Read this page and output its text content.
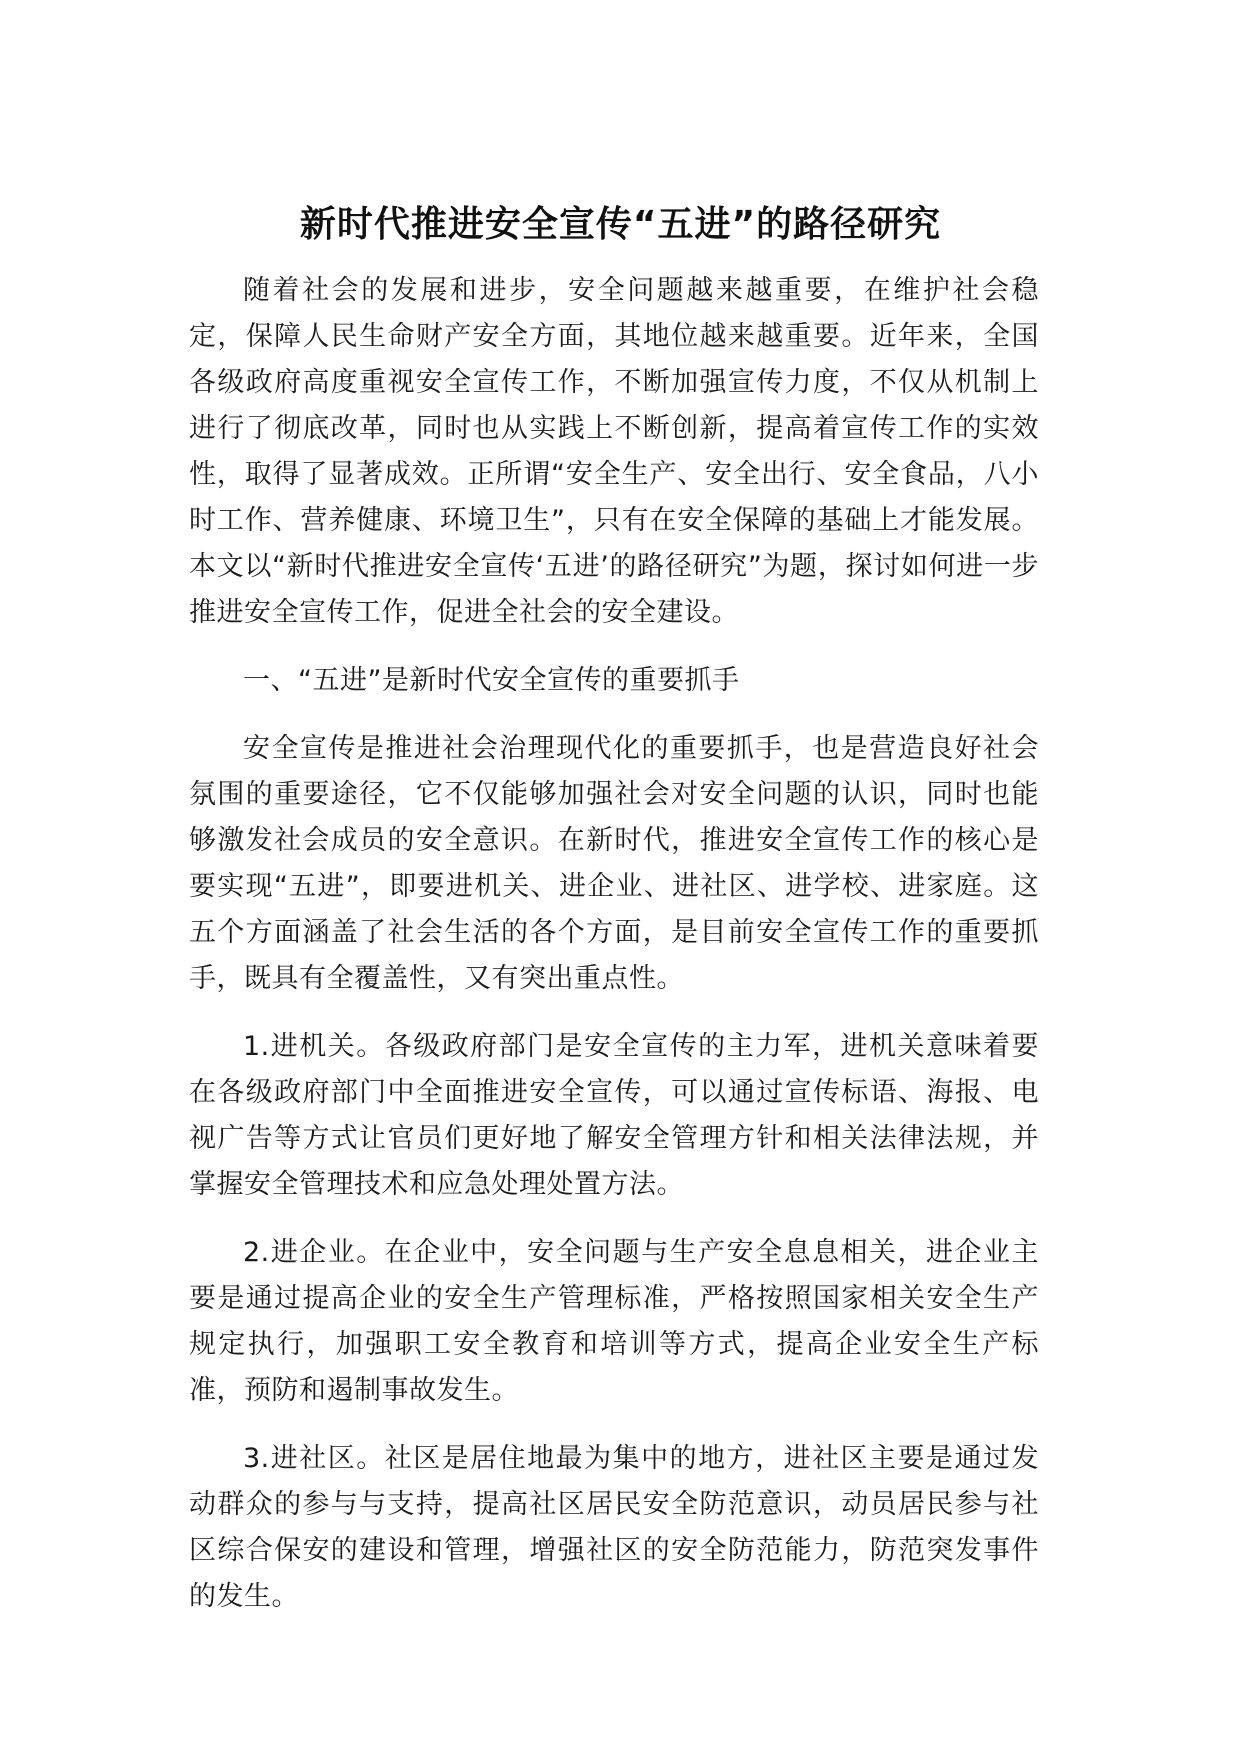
新时代推进安全宣传“五进”的路径研究

随着社会的发展和进步，安全问题越来越重要，在维护社会稳定，保障人民生命财产安全方面，其地位越来越重要。近年来，全国各级政府高度重视安全宣传工作，不断加强宣传力度，不仅从机制上进行了彻底改革，同时也从实践上不断创新，提高着宣传工作的实效性，取得了显著成效。正所谓“安全生产、安全出行、安全食品，八小时工作、营养健康、环境卫生”，只有在安全保障的基础上才能发展。本文以“新时代推进安全宣传‘五进’的路径研究”为题，探讨如何进一步推进安全宣传工作，促进全社会的安全建设。

一、“五进”是新时代安全宣传的重要抓手

安全宣传是推进社会治理现代化的重要抓手，也是营造良好社会氛围的重要途径，它不仅能够加强社会对安全问题的认识，同时也能够激发社会成员的安全意识。在新时代，推进安全宣传工作的核心是要实现“五进”，即要进机关、进企业、进社区、进学校、进家庭。这五个方面涵盖了社会生活的各个方面，是目前安全宣传工作的重要抓手，既具有全覆盖性，又有突出重点性。

1.进机关。各级政府部门是安全宣传的主力军，进机关意味着要在各级政府部门中全面推进安全宣传，可以通过宣传标语、海报、电视广告等方式让官员们更好地了解安全管理方针和相关法律法规，并掌握安全管理技术和应急处理处置方法。

2.进企业。在企业中，安全问题与生产安全息息相关，进企业主要是通过提高企业的安全生产管理标准，严格按照国家相关安全生产规定执行，加强职工安全教育和培训等方式，提高企业安全生产标准，预防和遏制事故发生。

3.进社区。社区是居住地最为集中的地方，进社区主要是通过发动群众的参与与支持，提高社区居民安全防范意识，动员居民参与社区综合保安的建设和管理，增强社区的安全防范能力，防范突发事件的发生。
